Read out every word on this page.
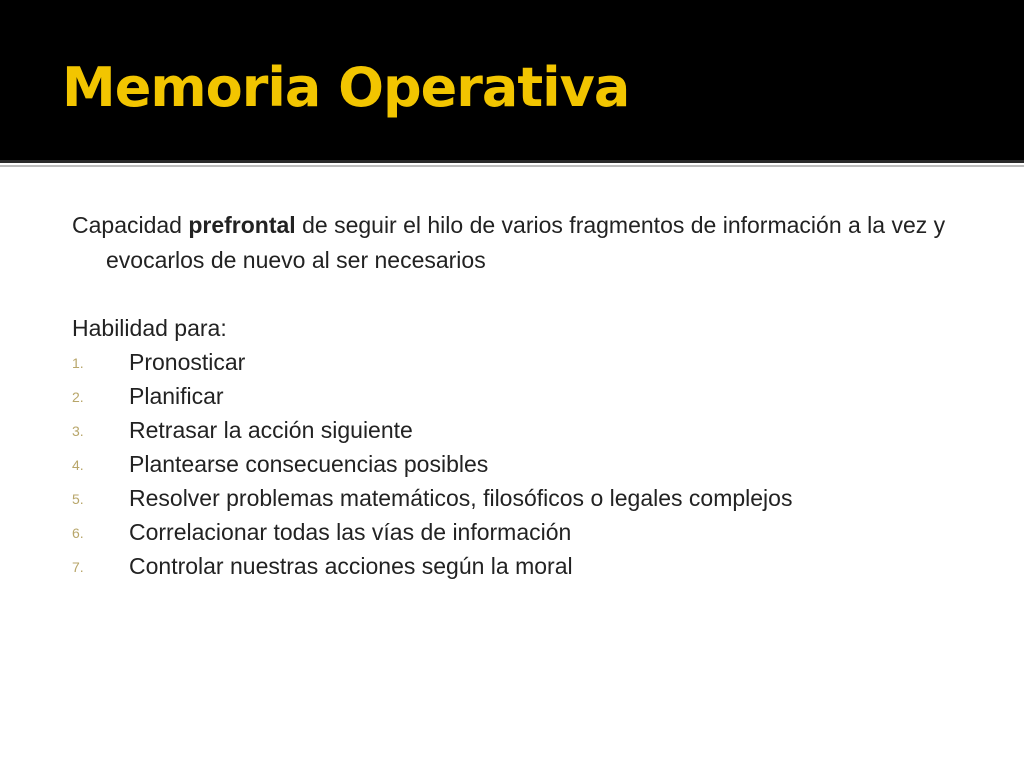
Memoria Operativa

Capacidad prefrontal de seguir el hilo de varios fragmentos de información a la vez y evocarlos de nuevo al ser necesarios

Habilidad para:

1. Pronosticar
2. Planificar
3. Retrasar la acción siguiente
4. Plantearse consecuencias posibles
5. Resolver problemas matemáticos, filosóficos o legales complejos
6. Correlacionar todas las vías de información
7. Controlar nuestras acciones según la moral
